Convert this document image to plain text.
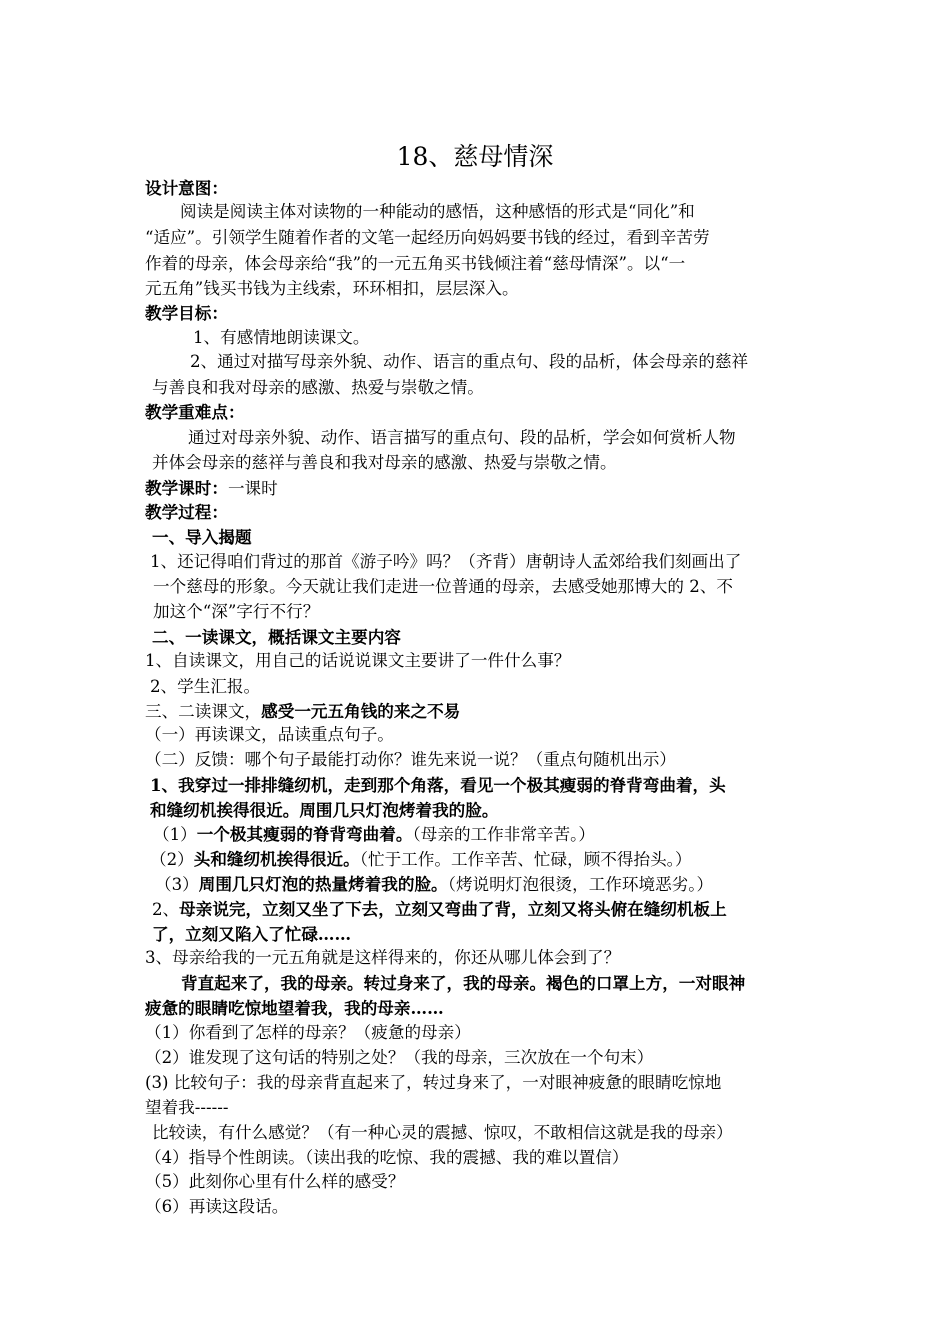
18、慈母情深
设计意图：
阅读是阅读主体对读物的一种能动的感悟，这种感悟的形式是“同化”和
“适应”。引领学生随着作者的文笔一起经历向妈妈要书钱的经过，看到辛苦劳
作着的母亲，体会母亲给“我”的一元五角买书钱倾注着“慈母情深”。以“一
元五角”钱买书钱为主线索，环环相扣，层层深入。
教学目标：
1、有感情地朗读课文。
2、通过对描写母亲外貌、动作、语言的重点句、段的品析，体会母亲的慈祥
与善良和我对母亲的感激、热爱与崇敬之情。
教学重难点：
通过对母亲外貌、动作、语言描写的重点句、段的品析，学会如何赏析人物
并体会母亲的慈祥与善良和我对母亲的感激、热爱与崇敬之情。
教学课时：一课时
教学过程：
一、导入揭题
1、还记得咱们背过的那首《游子吟》吗？（齐背）唐朝诗人孟郊给我们刻画出了
一个慈母的形象。今天就让我们走进一位普通的母亲，去感受她那博大的 2、不
加这个“深”字行不行？
二、一读课文，概括课文主要内容
1、自读课文，用自己的话说说课文主要讲了一件什么事？
2、学生汇报。
三、二读课文，感受一元五角钱的来之不易
（一）再读课文，品读重点句子。
（二）反馈：哪个句子最能打动你？谁先来说一说？（重点句随机出示）
1、我穿过一排排缝纫机，走到那个角落，看见一个极其瘦弱的脊背弯曲着，头
和缝纫机挨得很近。周围几只灯泡烤着我的脸。
（1）一个极其瘦弱的脊背弯曲着。（母亲的工作非常辛苦。）
（2）头和缝纫机挨得很近。（忙于工作。工作辛苦、忙碌，顾不得抬头。）
（3）周围几只灯泡的热量烤着我的脸。（烤说明灯泡很烫，工作环境恶劣。）
2、母亲说完，立刻又坐了下去，立刻又弯曲了背，立刻又将头俯在缝纫机板上
了，立刻又陷入了忙碌……
3、母亲给我的一元五角就是这样得来的，你还从哪儿体会到了？
背直起来了，我的母亲。转过身来了，我的母亲。褐色的口罩上方，一对眼神
疲惫的眼睛吃惊地望着我，我的母亲……
（1）你看到了怎样的母亲？（疲惫的母亲）
（2）谁发现了这句话的特别之处？（我的母亲，三次放在一个句末）
(3) 比较句子：我的母亲背直起来了，转过身来了，一对眼神疲惫的眼睛吃惊地
望着我------
比较读，有什么感觉？（有一种心灵的震撼、惊叹，不敢相信这就是我的母亲）
（4）指导个性朗读。（读出我的吃惊、我的震撼、我的难以置信）
（5）此刻你心里有什么样的感受？
（6）再读这段话。
